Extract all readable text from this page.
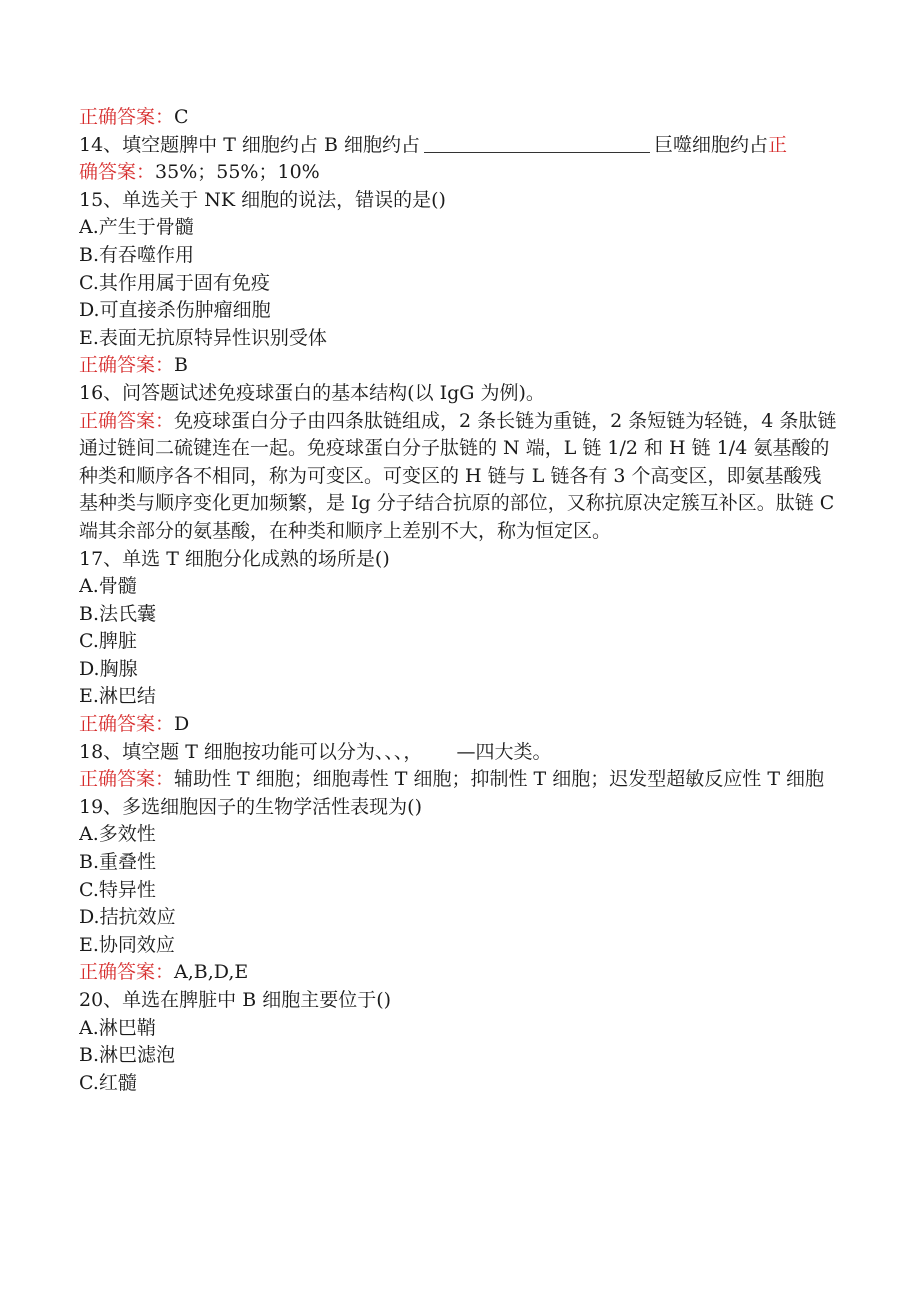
正确答案：C
14、填空题脾中 T 细胞约占 B 细胞约占	巨噬细胞约占正
确答案：35%；55%；10%
15、单选关于 NK 细胞的说法，错误的是()
A.产生于骨髓
B.有吞噬作用
C.其作用属于固有免疫
D.可直接杀伤肿瘤细胞
E.表面无抗原特异性识别受体
正确答案：B
16、问答题试述免疫球蛋白的基本结构(以 IgG 为例)。
正确答案：免疫球蛋白分子由四条肽链组成，2 条长链为重链，2 条短链为轻链，4 条肽链通过链间二硫键连在一起。免疫球蛋白分子肽链的 N 端，L 链 1/2 和 H 链 1/4 氨基酸的种类和顺序各不相同，称为可变区。可变区的 H 链与 L 链各有 3 个高变区，即氨基酸残基种类与顺序变化更加频繁，是 Ig 分子结合抗原的部位，又称抗原决定簇互补区。肽链 C 端其余部分的氨基酸，在种类和顺序上差别不大，称为恒定区。
17、单选 T 细胞分化成熟的场所是()
A.骨髓
B.法氏囊
C.脾脏
D.胸腺
E.淋巴结
正确答案：D
18、填空题 T 细胞按功能可以分为、、、， —四大类。
正确答案：辅助性 T 细胞；细胞毒性 T 细胞；抑制性 T 细胞；迟发型超敏反应性 T 细胞
19、多选细胞因子的生物学活性表现为()
A.多效性
B.重叠性
C.特异性
D.拮抗效应
E.协同效应
正确答案：A,B,D,E
20、单选在脾脏中 B 细胞主要位于()
A.淋巴鞘
B.淋巴滤泡
C.红髓
